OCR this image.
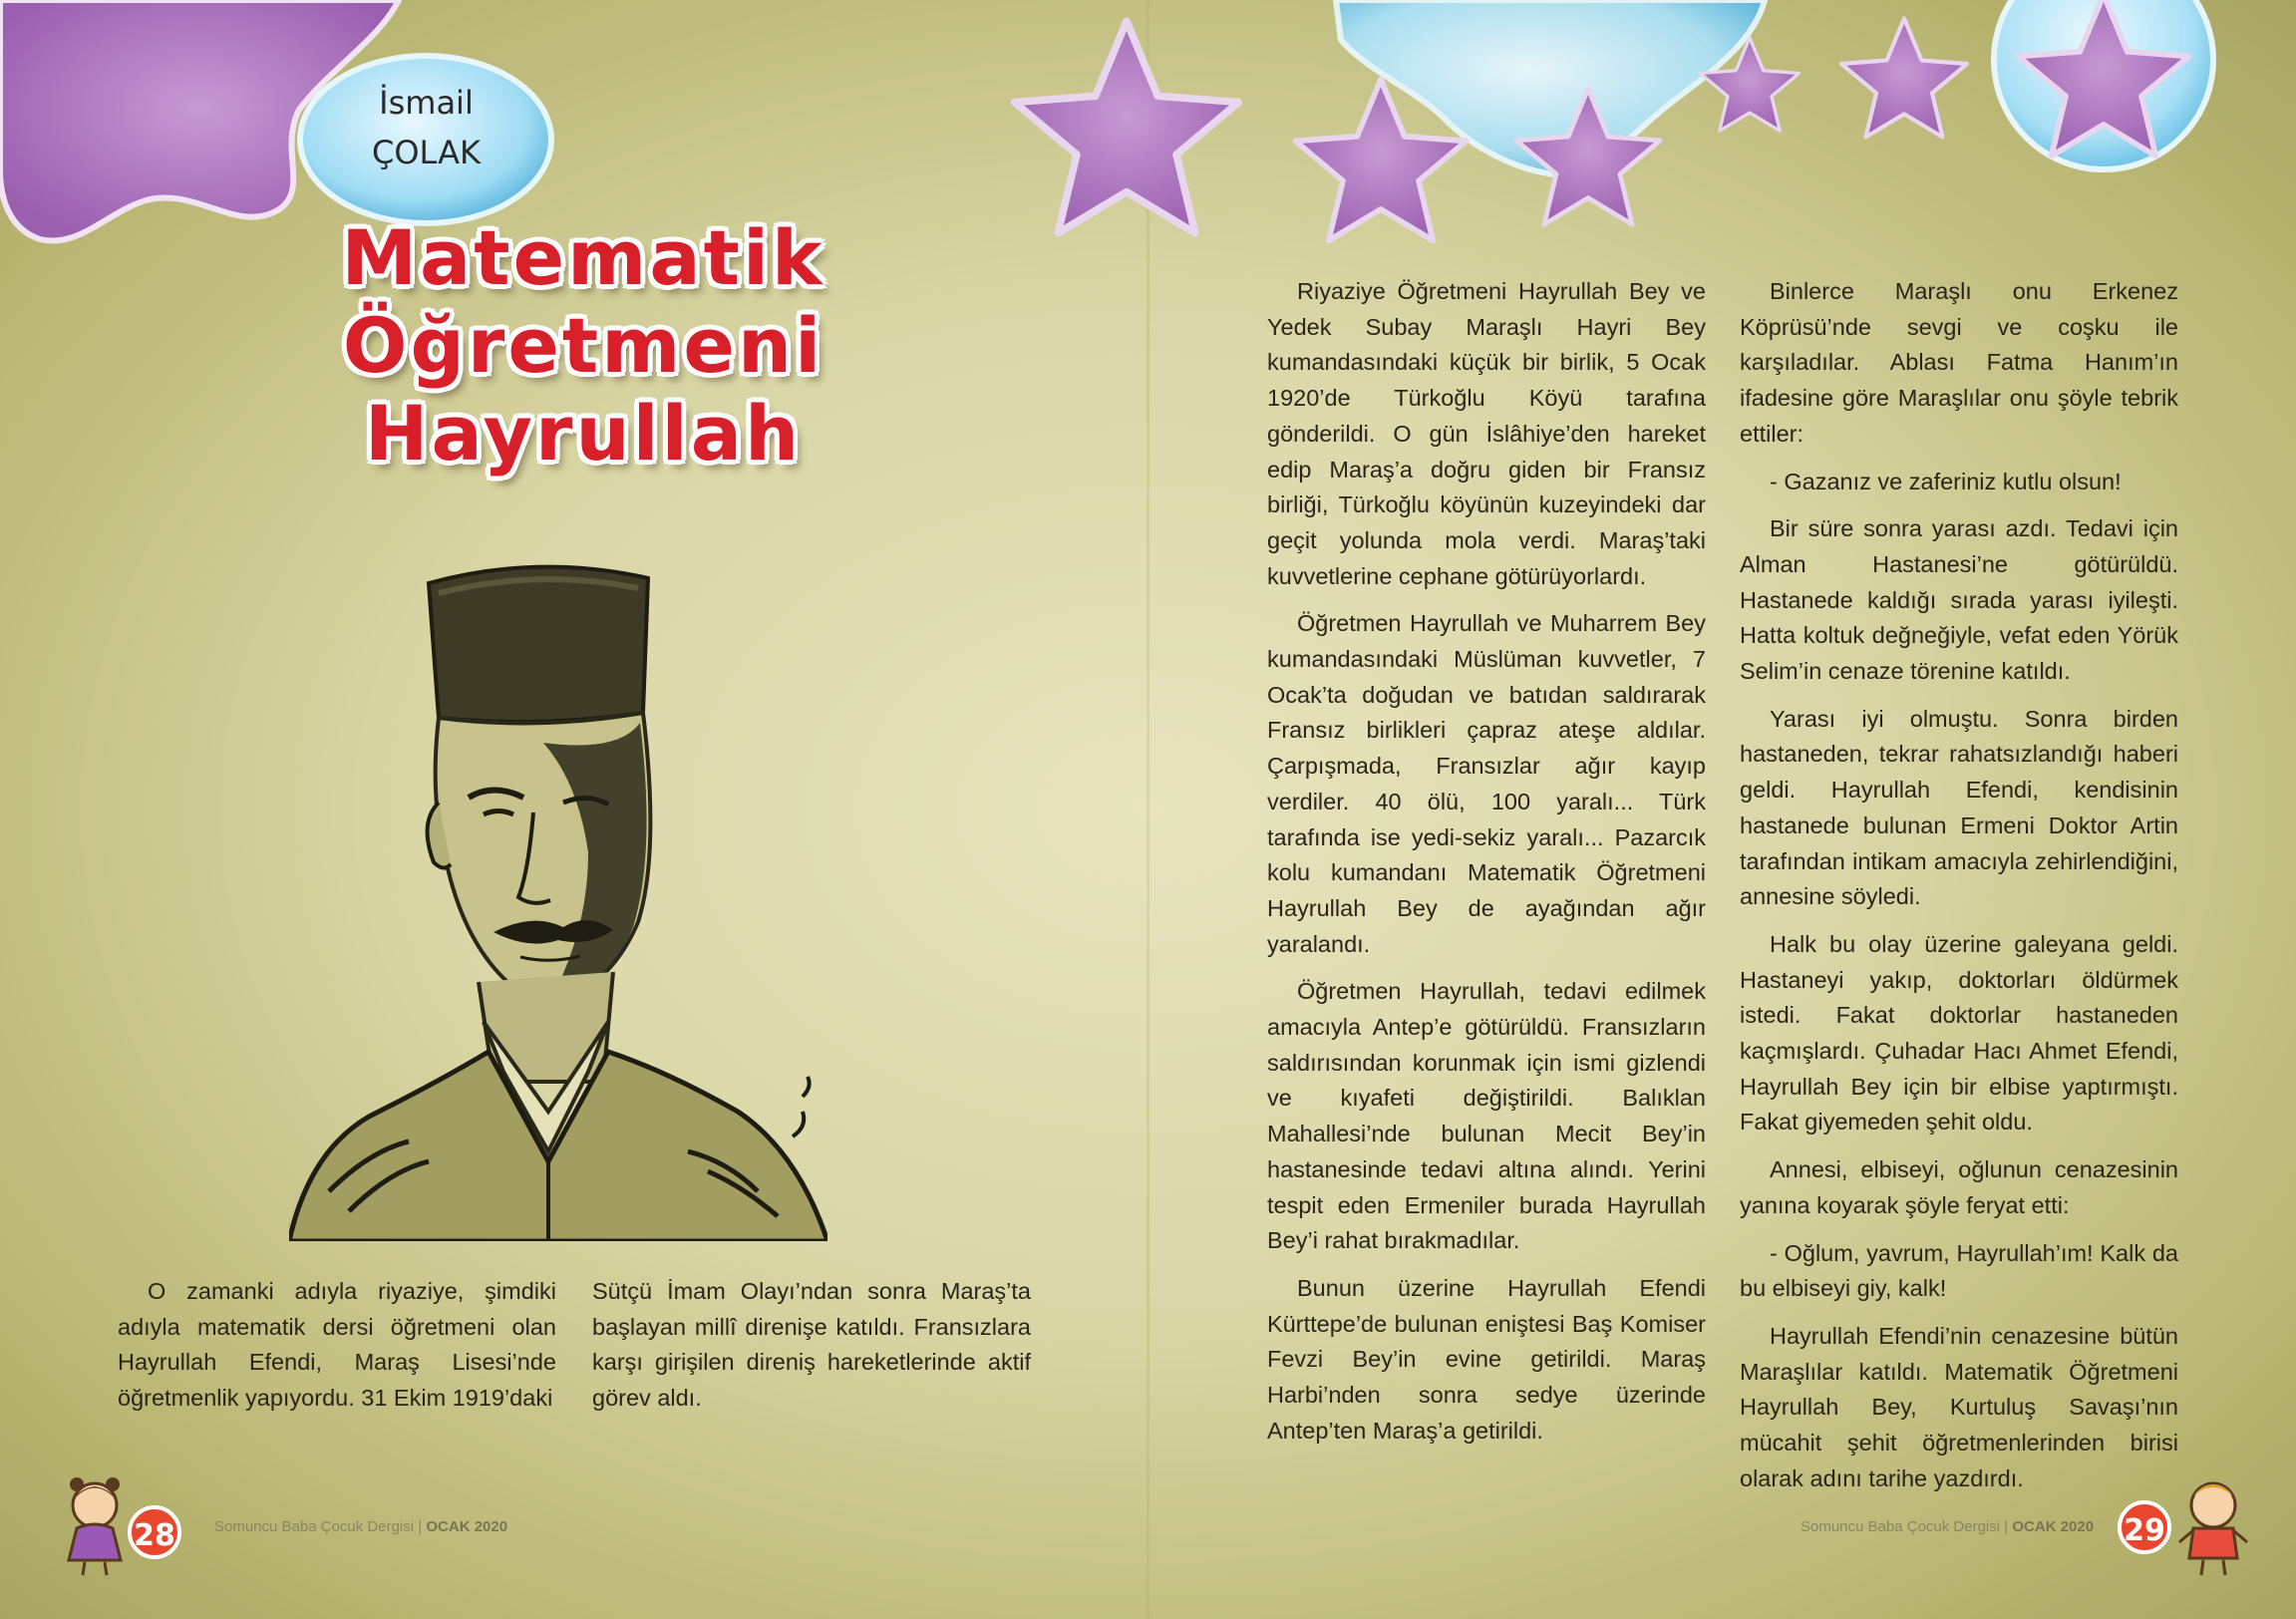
İsmail
ÇOLAK
Matematik
Öğretmeni
Hayrullah

O zamanki adıyla riyaziye, şimdiki adıyla matematik dersi öğretmeni olan Hayrullah Efendi, Maraş Lisesi’nde öğretmenlik yapıyordu. 31 Ekim 1919’daki

Sütçü İmam Olayı’ndan sonra Maraş’ta başlayan millî direnişe katıldı. Fransızlara karşı girişilen direniş hareketlerinde aktif görev aldı.

Riyaziye Öğretmeni Hayrullah Bey ve Yedek Subay Maraşlı Hayri Bey kumandasındaki küçük bir birlik, 5 Ocak 1920’de Türkoğlu Köyü tarafına gönderildi. O gün İslâhiye’den hareket edip Maraş’a doğru giden bir Fransız birliği, Türkoğlu köyünün kuzeyindeki dar geçit yolunda mola verdi. Maraş’taki kuvvetlerine cephane götürüyorlardı.

Öğretmen Hayrullah ve Muharrem Bey kumandasındaki Müslüman kuvvetler, 7 Ocak’ta doğudan ve batıdan saldırarak Fransız birlikleri çapraz ateşe aldılar. Çarpışmada, Fransızlar ağır kayıp verdiler. 40 ölü, 100 yaralı... Türk tarafında ise yedi-sekiz yaralı... Pazarcık kolu kumandanı Matematik Öğretmeni Hayrullah Bey de ayağından ağır yaralandı.

Öğretmen Hayrullah, tedavi edilmek amacıyla Antep’e götürüldü. Fransızların saldırısından korunmak için ismi gizlendi ve kıyafeti değiştirildi. Balıklan Mahallesi’nde bulunan Mecit Bey’in hastanesinde tedavi altına alındı. Yerini tespit eden Ermeniler burada Hayrullah Bey’i rahat bırakmadılar.

Bunun üzerine Hayrullah Efendi Kürttepe’de bulunan eniştesi Baş Komiser Fevzi Bey’in evine getirildi. Maraş Harbi’nden sonra sedye üzerinde Antep’ten Maraş’a getirildi.

Binlerce Maraşlı onu Erkenez Köprüsü’nde sevgi ve coşku ile karşıladılar. Ablası Fatma Hanım’ın ifadesine göre Maraşlılar onu şöyle tebrik ettiler:

- Gazanız ve zaferiniz kutlu olsun!

Bir süre sonra yarası azdı. Tedavi için Alman Hastanesi’ne götürüldü. Hastanede kaldığı sırada yarası iyileşti. Hatta koltuk değneğiyle, vefat eden Yörük Selim’in cenaze törenine katıldı.

Yarası iyi olmuştu. Sonra birden hastaneden, tekrar rahatsızlandığı haberi geldi. Hayrullah Efendi, kendisinin hastanede bulunan Ermeni Doktor Artin tarafından intikam amacıyla zehirlendiğini, annesine söyledi.

Halk bu olay üzerine galeyana geldi. Hastaneyi yakıp, doktorları öldürmek istedi. Fakat doktorlar hastaneden kaçmışlardı. Çuhadar Hacı Ahmet Efendi, Hayrullah Bey için bir elbise yaptırmıştı. Fakat giyemeden şehit oldu.

Annesi, elbiseyi, oğlunun cenazesinin yanına koyarak şöyle feryat etti:

- Oğlum, yavrum, Hayrullah’ım! Kalk da bu elbiseyi giy, kalk!

Hayrullah Efendi’nin cenazesine bütün Maraşlılar katıldı. Matematik Öğretmeni Hayrullah Bey, Kurtuluş Savaşı’nın mücahit şehit öğretmenlerinden birisi olarak adını tarihe yazdırdı.

28	Somuncu Baba Çocuk Dergisi | OCAK 2020	Somuncu Baba Çocuk Dergisi | OCAK 2020 29
